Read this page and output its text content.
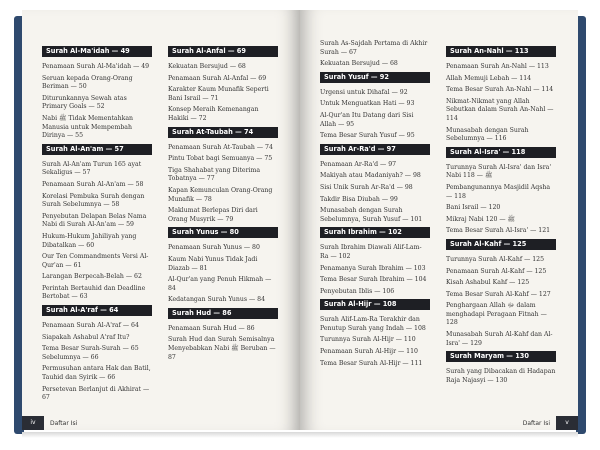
Surah Al-Ma'idah — 49
Penamaan Surah Al-Ma'idah — 49
Seruan kepada Orang-Orang Beriman — 50
Diturunkannya Sewah atas Primary Goals — 52
Nabi ﷺ Tidak Mementahkan Manusia untuk Mempembah Dirinya — 55
Surah Al-An'am — 57
Surah Al-An'am Turun 165 ayat Sekaligus — 57
Penamaan Surah Al-An'am — 58
Korelasi Pembuka Surah dengan Surah Sebelumnya — 58
Penyebutan Delapan Belas Nama Nabi di Surah Al-An'am — 59
Hukum-Hukum Jahiliyah yang Dibatalkan — 60
Our Ten Commandments Versi Al-Qur'an — 61
Larangan Berpecah-Belah — 62
Perintah Bertauhid dan Deadline Bertobat — 63
Surah Al-A'raf — 64
Penamaan Surah Al-A'raf — 64
Siapakah Ashabul A'raf Itu?
Tema Besar Surah-Surah — 65 Sebelumnya — 66
Permusuhan antara Hak dan Batil, Tauhid dan Syirik — 66
Persetevan Berlanjut di Akhirat — 67
Surah Al-Anfal — 69
Kekuatan Bersujud — 68
Penamaan Surah Al-Anfal — 69
Karakter Kaum Munafik Seperti Bani Israil — 71
Konsep Meraih Kemenangan Hakiki — 72
Surah At-Taubah — 74
Penamaan Surah At-Taubah — 74
Pintu Tobat bagi Semuanya — 75
Tiga Shahabat yang Diterima Tobatnya — 77
Kapan Kemunculan Orang-Orang Munafik — 78
Maklumat Berlepas Diri dari Orang Musyrik — 79
Surah Yunus — 80
Penamaan Surah Yunus — 80
Kaum Nabi Yunus Tidak Jadi Diazab — 81
Al-Qur'an yang Penuh Hikmah — 84
Kedatangan Surah Yunus — 84
Surah Hud — 86
Penamaan Surah Hud — 86
Surah Hud dan Surah Semisalnya Menyebabkan Nabi ﷺ Beruban — 87
iv	Daftar Isi
Surah As-Sajdah Pertama di Akhir Surah — 67
Kekuatan Bersujud — 68
Surah Yusuf — 92
Urgensi untuk Dihafal — 92
Untuk Menguatkan Hati — 93
Al-Qur'an Itu Datang dari Sisi Allah — 95
Tema Besar Surah Yusuf — 95
Surah Ar-Ra'd — 97
Penamaan Ar-Ra'd — 97
Makiyah atau Madaniyah? — 98
Sisi Unik Surah Ar-Ra'd — 98
Takdir Bisa Diubah — 99
Munasabah dengan Surah Sebelumnya, Surah Yusuf — 101
Surah Ibrahim — 102
Surah Ibrahim Diawali Alif-Lam-Ra — 102
Penamanya Surah Ibrahim — 103
Tema Besar Surah Ibrahim — 104
Penyebutan Iblis — 106
Surah Al-Hijr — 108
Surah Alif-Lam-Ra Terakhir dan Penutup Surah yang Indah — 108
Turunnya Surah Al-Hijr — 110
Penamaan Surah Al-Hijr — 110
Tema Besar Surah Al-Hijr — 111
Surah An-Nahl — 113
Penamaan Surah An-Nahl — 113
Allah Memuji Lebah — 114
Tema Besar Surah An-Nahl — 114
Nikmat-Nikmat yang Allah Sebutkan dalam Surah An-Nahl — 114
Munasabah dengan Surah Sebelumnya — 116
Surah Al-Isra' — 118
Turunnya Surah Al-Isra' dan Isra' Nabi ﷺ — 118
Pembangunannya Masjidil Aqsha — 118
Bani Israil — 120
Mikraj Nabi ﷺ — 120
Tema Besar Surah Al-Isra' — 121
Surah Al-Kahf — 125
Turunnya Surah Al-Kahf — 125
Penamaan Surah Al-Kahf — 125
Kisah Ashabul Kahf — 125
Tema Besar Surah Al-Kahf — 127
Penghargaan Allah ﷻ dalam menghadapi Peragaan Fitnah — 128
Munasabah Surah Al-Kahf dan Al-Isra' — 129
Surah Maryam — 130
Surah yang Dibacakan di Hadapan Raja Najasyi — 130
Daftar Isi	v
